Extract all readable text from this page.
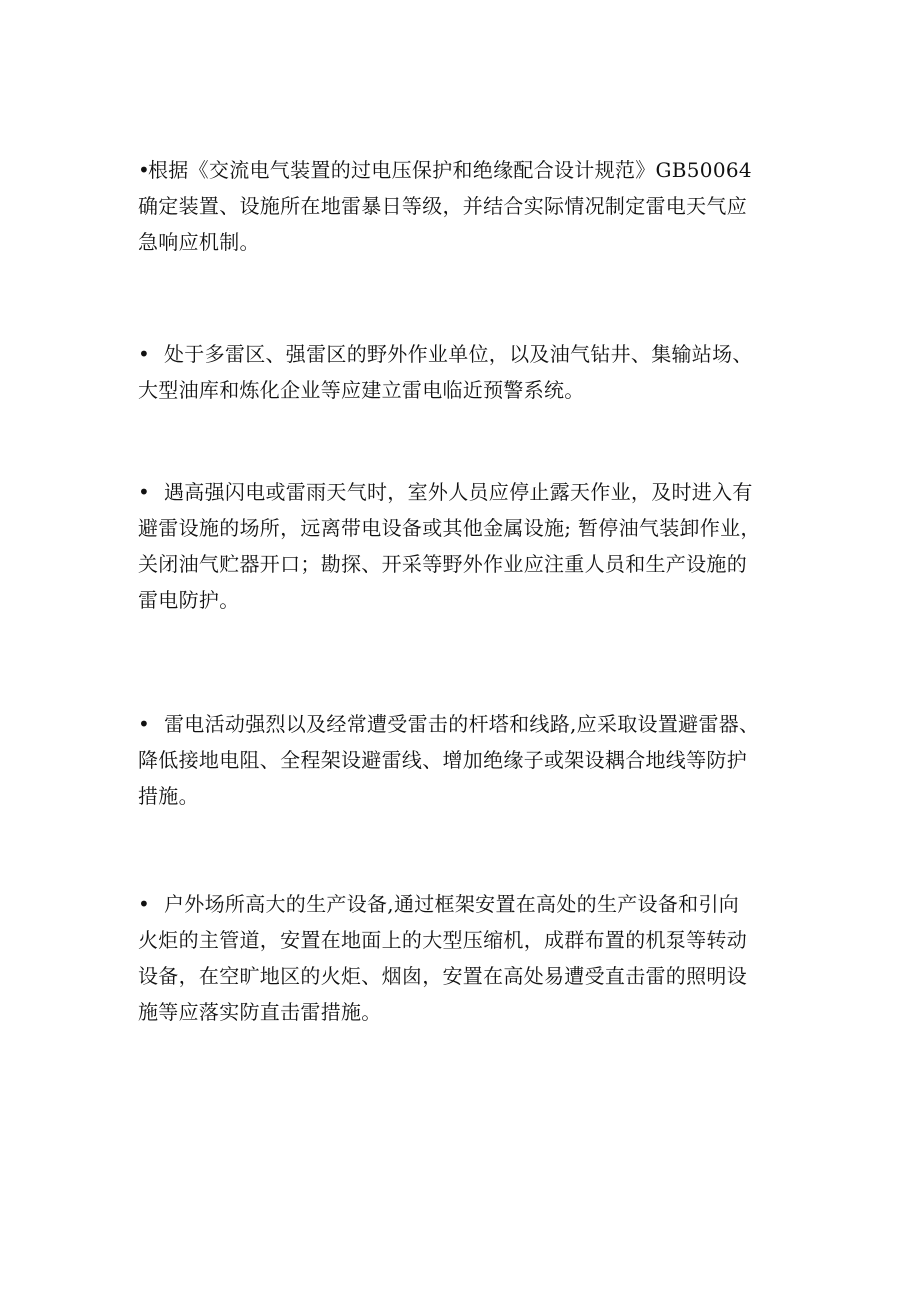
•根据《交流电气装置的过电压保护和绝缘配合设计规范》GB50064
确定装置、设施所在地雷暴日等级，并结合实际情况制定雷电天气应
急响应机制。
• 处于多雷区、强雷区的野外作业单位，以及油气钻井、集输站场、
大型油库和炼化企业等应建立雷电临近预警系统。
• 遇高强闪电或雷雨天气时，室外人员应停止露天作业，及时进入有
避雷设施的场所，远离带电设备或其他金属设施; 暂停油气装卸作业，
关闭油气贮器开口；勘探、开采等野外作业应注重人员和生产设施的
雷电防护。
• 雷电活动强烈以及经常遭受雷击的杆塔和线路,应采取设置避雷器、
降低接地电阻、全程架设避雷线、增加绝缘子或架设耦合地线等防护
措施。
• 户外场所高大的生产设备,通过框架安置在高处的生产设备和引向
火炬的主管道，安置在地面上的大型压缩机，成群布置的机泵等转动
设备，在空旷地区的火炬、烟囱，安置在高处易遭受直击雷的照明设
施等应落实防直击雷措施。
